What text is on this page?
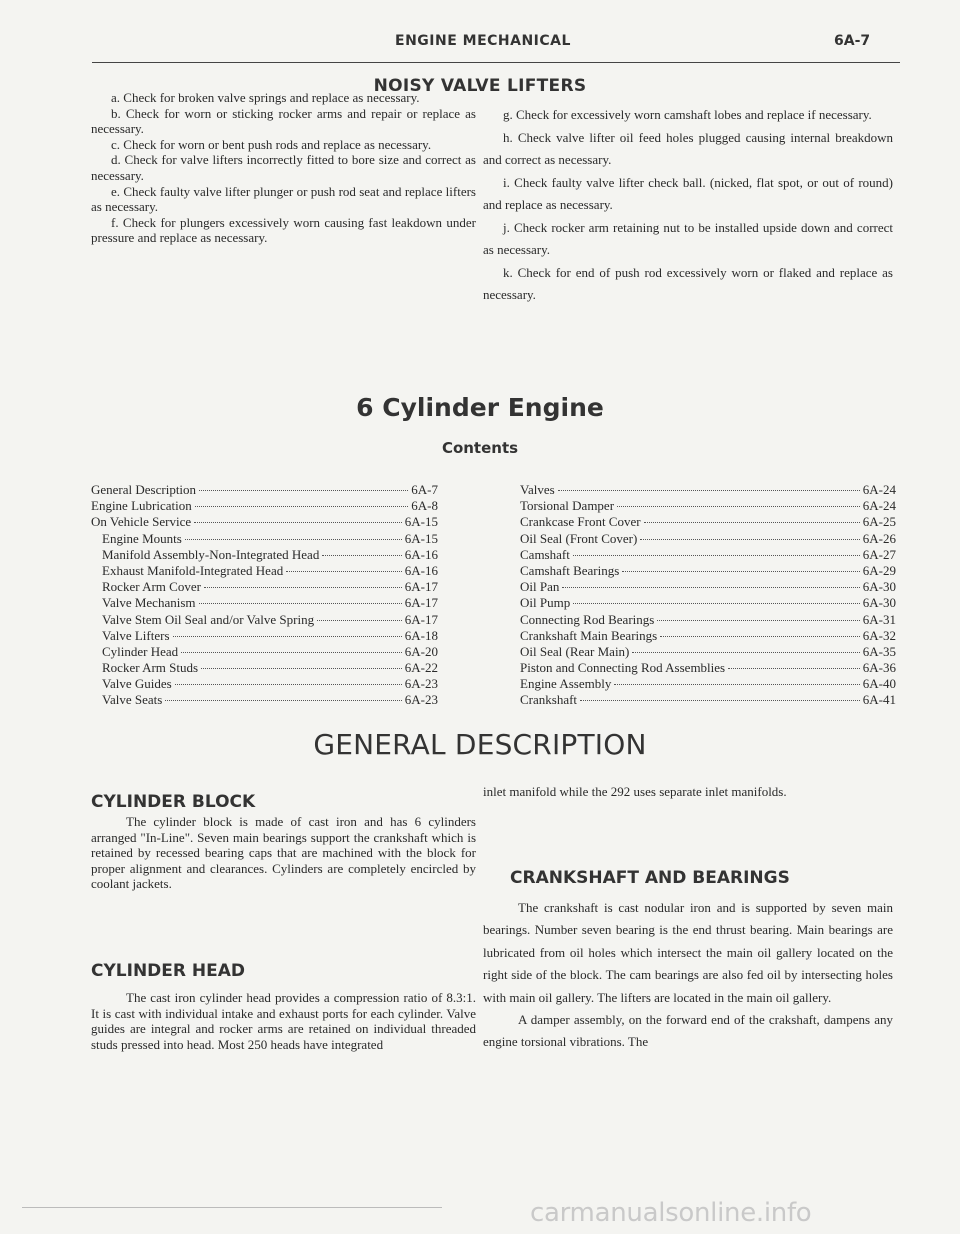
ENGINE MECHANICAL	6A-7
NOISY VALVE LIFTERS

a. Check for broken valve springs and replace as necessary.

b. Check for worn or sticking rocker arms and repair or replace as necessary.

c. Check for worn or bent push rods and replace as necessary.

d. Check for valve lifters incorrectly fitted to bore size and correct as necessary.

e. Check faulty valve lifter plunger or push rod seat and replace lifters as necessary.

f. Check for plungers excessively worn causing fast leakdown under pressure and replace as necessary.

g. Check for excessively worn camshaft lobes and replace if necessary.

h. Check valve lifter oil feed holes plugged causing internal breakdown and correct as necessary.

i. Check faulty valve lifter check ball. (nicked, flat spot, or out of round) and replace as necessary.

j. Check rocker arm retaining nut to be installed upside down and correct as necessary.

k. Check for end of push rod excessively worn or flaked and replace as necessary.

6 Cylinder Engine
Contents
General Description	6A-7
Engine Lubrication	6A-8
On Vehicle Service	6A-15
Engine Mounts	6A-15
Manifold Assembly-Non-Integrated Head	6A-16
Exhaust Manifold-Integrated Head	6A-16
Rocker Arm Cover	6A-17
Valve Mechanism	6A-17
Valve Stem Oil Seal and/or Valve Spring	6A-17
Valve Lifters	6A-18
Cylinder Head	6A-20
Rocker Arm Studs	6A-22
Valve Guides	6A-23
Valve Seats	6A-23
Valves	6A-24
Torsional Damper	6A-24
Crankcase Front Cover	6A-25
Oil Seal (Front Cover)	6A-26
Camshaft	6A-27
Camshaft Bearings	6A-29
Oil Pan	6A-30
Oil Pump	6A-30
Connecting Rod Bearings	6A-31
Crankshaft Main Bearings	6A-32
Oil Seal (Rear Main)	6A-35
Piston and Connecting Rod Assemblies	6A-36
Engine Assembly	6A-40
Crankshaft	6A-41
GENERAL DESCRIPTION
CYLINDER BLOCK

The cylinder block is made of cast iron and has 6 cylinders arranged "In-Line". Seven main bearings support the crankshaft which is retained by recessed bearing caps that are machined with the block for proper alignment and clearances. Cylinders are completely encircled by coolant jackets.

CYLINDER HEAD

The cast iron cylinder head provides a compression ratio of 8.3:1. It is cast with individual intake and exhaust ports for each cylinder. Valve guides are integral and rocker arms are retained on individual threaded studs pressed into head. Most 250 heads have integrated

inlet manifold while the 292 uses separate inlet manifolds.

CRANKSHAFT AND BEARINGS

The crankshaft is cast nodular iron and is supported by seven main bearings. Number seven bearing is the end thrust bearing. Main bearings are lubricated from oil holes which intersect the main oil gallery located on the right side of the block. The cam bearings are also fed oil by intersecting holes with main oil gallery. The lifters are located in the main oil gallery.

A damper assembly, on the forward end of the crakshaft, dampens any engine torsional vibrations. The

carmanualsonline.info
